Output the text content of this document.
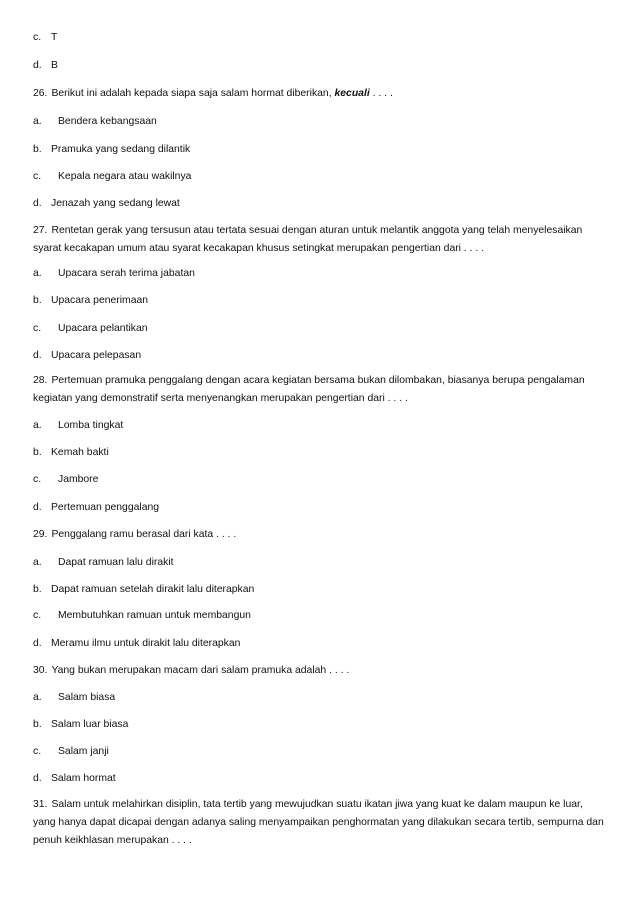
c. T
d. B
26. Berikut ini adalah kepada siapa saja salam hormat diberikan, kecuali . . . .
a. Bendera kebangsaan
b. Pramuka yang sedang dilantik
c. Kepala negara atau wakilnya
d. Jenazah yang sedang lewat
27. Rentetan gerak yang tersusun atau tertata sesuai dengan aturan untuk melantik anggota yang telah menyelesaikan syarat kecakapan umum atau syarat kecakapan khusus setingkat merupakan pengertian dari . . . .
a. Upacara serah terima jabatan
b. Upacara penerimaan
c. Upacara pelantikan
d. Upacara pelepasan
28. Pertemuan pramuka penggalang dengan acara kegiatan bersama bukan dilombakan, biasanya berupa pengalaman kegiatan yang demonstratif serta menyenangkan merupakan pengertian dari . . . .
a. Lomba tingkat
b. Kemah bakti
c. Jambore
d. Pertemuan penggalang
29. Penggalang ramu berasal dari kata . . . .
a. Dapat ramuan lalu dirakit
b. Dapat ramuan setelah dirakit lalu diterapkan
c. Membutuhkan ramuan untuk membangun
d. Meramu ilmu untuk dirakit lalu diterapkan
30. Yang bukan merupakan macam dari salam pramuka adalah . . . .
a. Salam biasa
b. Salam luar biasa
c. Salam janji
d. Salam hormat
31. Salam untuk melahirkan disiplin, tata tertib yang mewujudkan suatu ikatan jiwa yang kuat ke dalam maupun ke luar, yang hanya dapat dicapai dengan adanya saling menyampaikan penghormatan yang dilakukan secara tertib, sempurna dan penuh keikhlasan merupakan . . . .
